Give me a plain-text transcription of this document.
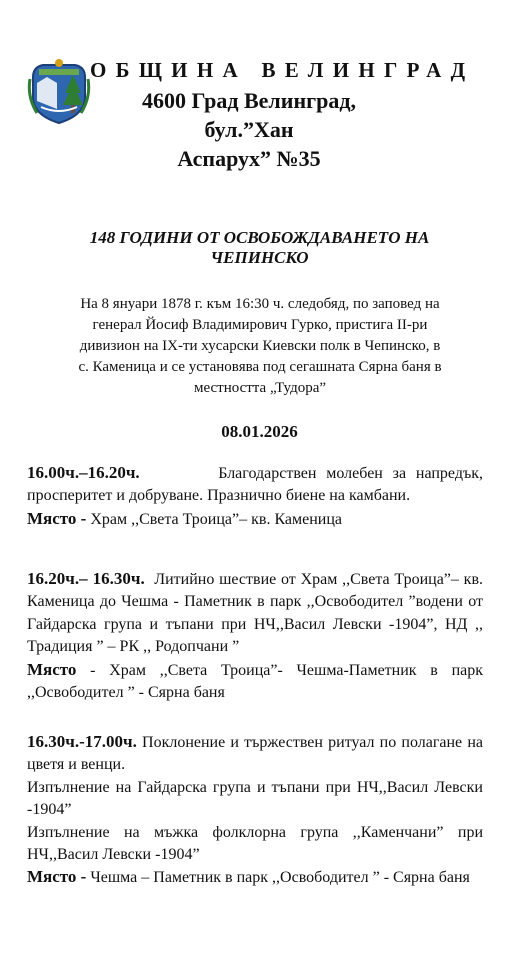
ОБЩИНА ВЕЛИНГРАД
4600 Град Велинград, бул.”Хан
Аспарух” №35
148 ГОДИНИ ОТ ОСВОБОЖДАВАНЕТО НА
ЧЕПИНСКО
На 8 януари 1878 г. към 16:30 ч. следобяд, по заповед на
генерал Йосиф Владимирович Гурко, пристига II-ри
дивизион на IX-ти хусарски Киевски полк в Чепинско, в
с. Каменица и се установява под сегашната Сярна баня в
местността „Тудора”
08.01.2026

16.00ч.–16.20ч.	Благодарствен молебен за напредък, просперитет и добруване. Празнично биене на камбани.

Място - Храм ,,Света Троица”– кв. Каменица

16.20ч.– 16.30ч. Литийно шествие от Храм ,,Света Троица”– кв. Каменица до Чешма - Паметник в парк ,,Освободител ”водени от Гайдарска група и тъпани при НЧ,,Васил Левски -1904”, НД ,, Традиция ” – РК ,, Родопчани ”

Място - Храм ,,Света Троица”- Чешма-Паметник в парк ,,Освободител ” - Сярна баня

16.30ч.-17.00ч. Поклонение и тържествен ритуал по полагане на цветя и венци.

Изпълнение на Гайдарска група и тъпани при НЧ,,Васил Левски -1904”

Изпълнение на мъжка фолклорна група ,,Каменчани” при НЧ,,Васил Левски -1904”

Място - Чешма – Паметник в парк ,,Освободител ” - Сярна баня
